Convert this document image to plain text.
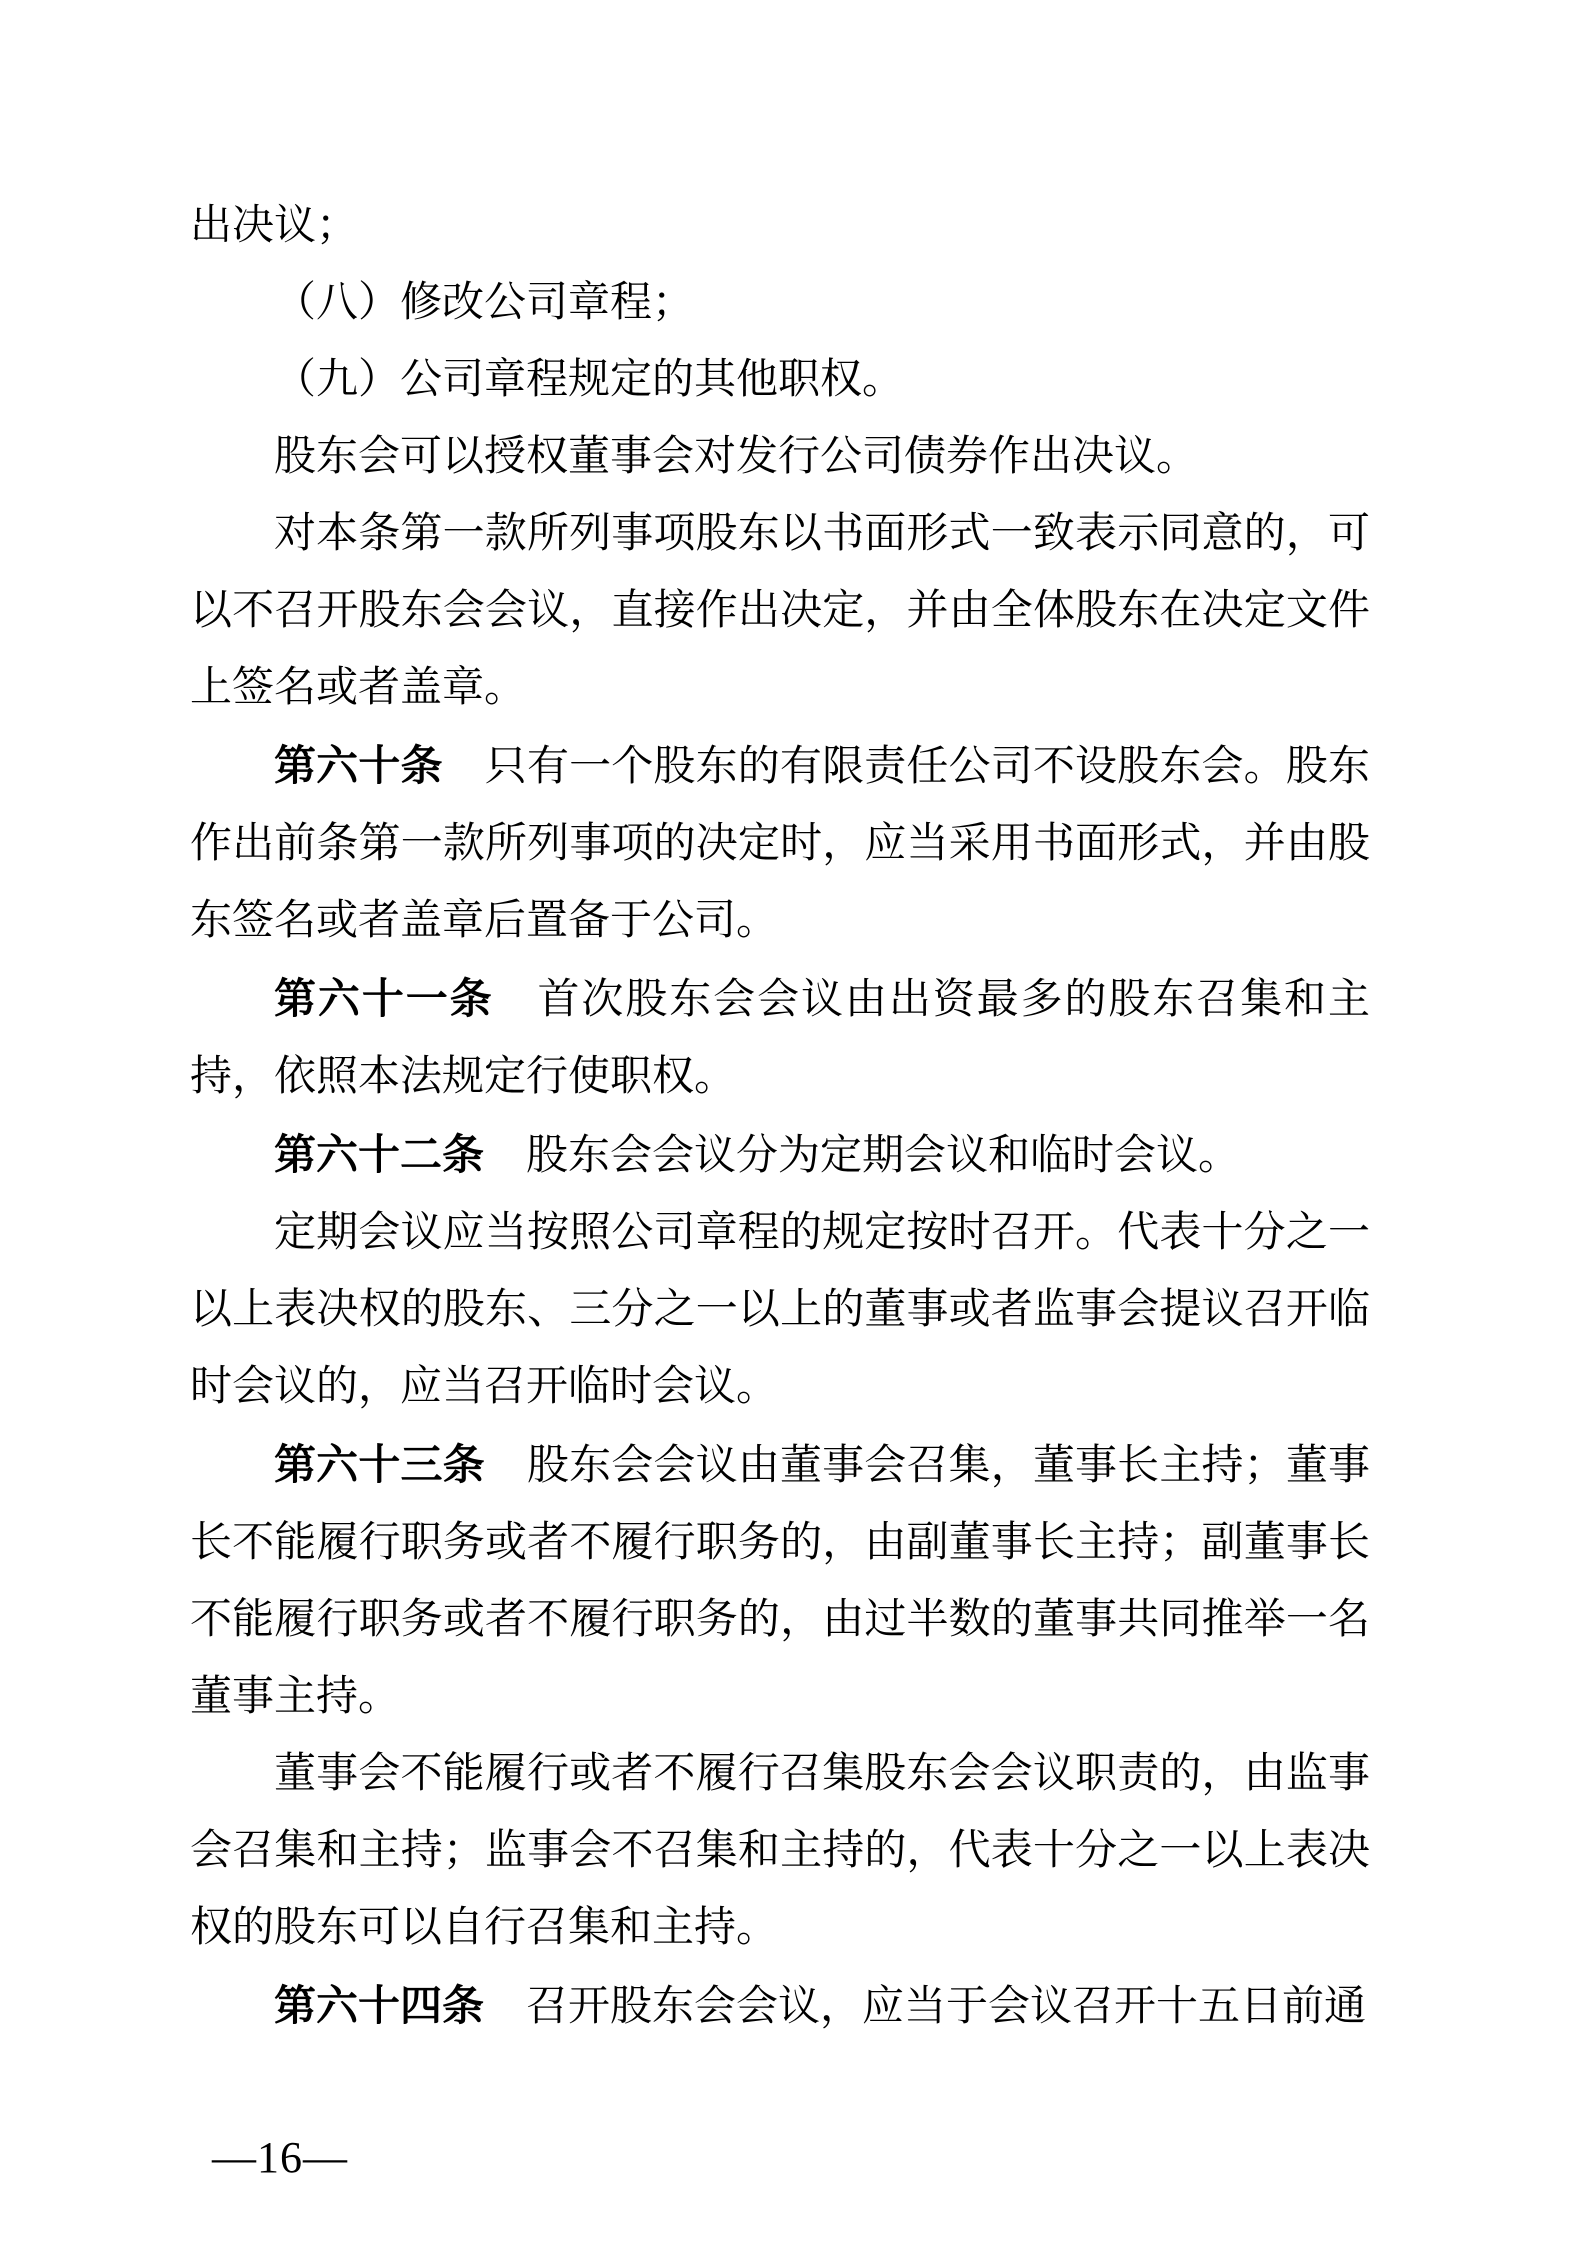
出决议；

（八）修改公司章程；

（九）公司章程规定的其他职权。

股东会可以授权董事会对发行公司债券作出决议。

对本条第一款所列事项股东以书面形式一致表示同意的，可以不召开股东会会议，直接作出决定，并由全体股东在决定文件上签名或者盖章。

第六十条　只有一个股东的有限责任公司不设股东会。股东作出前条第一款所列事项的决定时，应当采用书面形式，并由股东签名或者盖章后置备于公司。

第六十一条　首次股东会会议由出资最多的股东召集和主持，依照本法规定行使职权。

第六十二条　股东会会议分为定期会议和临时会议。

定期会议应当按照公司章程的规定按时召开。代表十分之一以上表决权的股东、三分之一以上的董事或者监事会提议召开临时会议的，应当召开临时会议。

第六十三条　股东会会议由董事会召集，董事长主持；董事长不能履行职务或者不履行职务的，由副董事长主持；副董事长不能履行职务或者不履行职务的，由过半数的董事共同推举一名董事主持。

董事会不能履行或者不履行召集股东会会议职责的，由监事会召集和主持；监事会不召集和主持的，代表十分之一以上表决权的股东可以自行召集和主持。

第六十四条　召开股东会会议，应当于会议召开十五日前通

—16—
